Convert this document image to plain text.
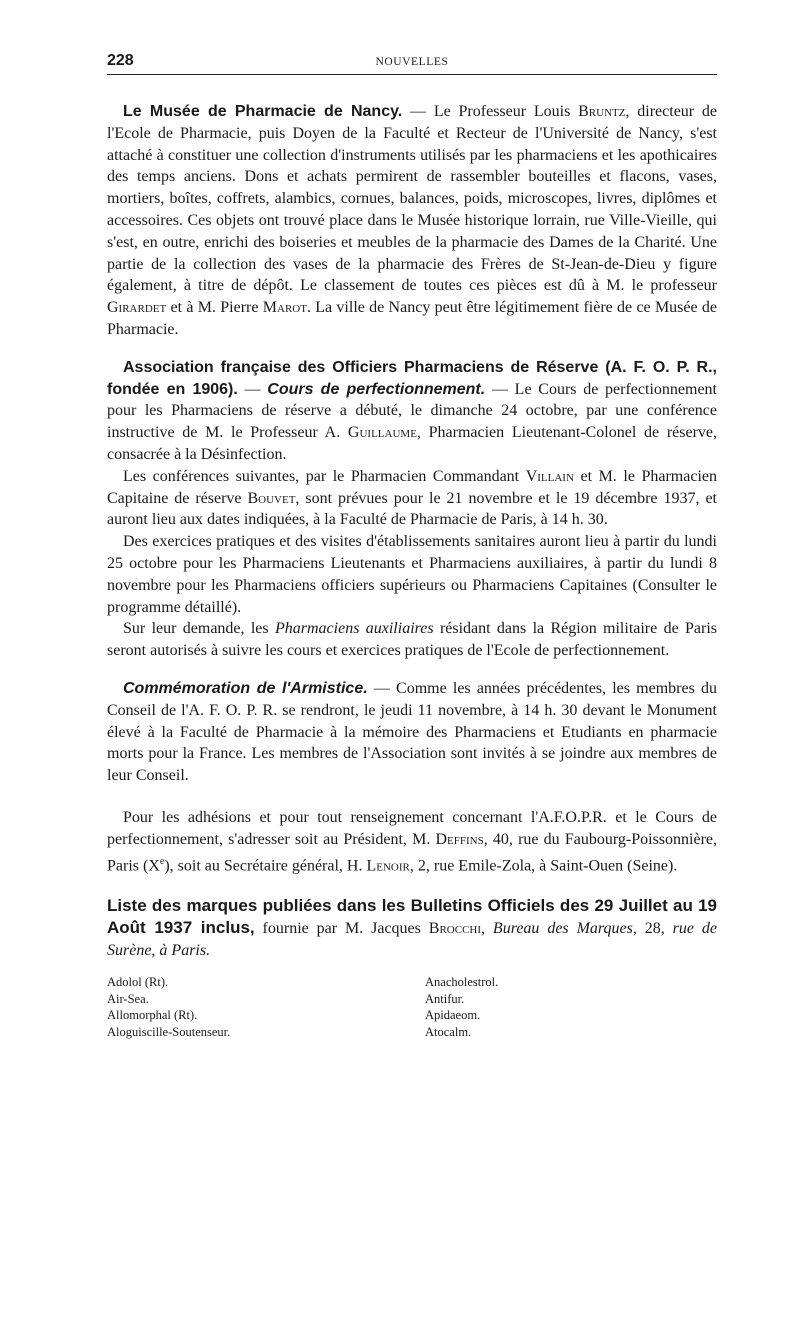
228	NOUVELLES

Le Musée de Pharmacie de Nancy. — Le Professeur Louis Bruntz, directeur de l'Ecole de Pharmacie, puis Doyen de la Faculté et Recteur de l'Université de Nancy, s'est attaché à constituer une collection d'instruments utilisés par les pharmaciens et les apothicaires des temps anciens. Dons et achats permirent de rassembler bouteilles et flacons, vases, mortiers, boîtes, coffrets, alambics, cornues, balances, poids, microscopes, livres, diplômes et accessoires. Ces objets ont trouvé place dans le Musée historique lorrain, rue Ville-Vieille, qui s'est, en outre, enrichi des boiseries et meubles de la pharmacie des Dames de la Charité. Une partie de la collection des vases de la pharmacie des Frères de St-Jean-de-Dieu y figure également, à titre de dépôt. Le classement de toutes ces pièces est dû à M. le professeur Girardet et à M. Pierre Marot. La ville de Nancy peut être légitimement fière de ce Musée de Pharmacie.

Association française des Officiers Pharmaciens de Réserve (A. F. O. P. R., fondée en 1906). — Cours de perfectionnement. — Le Cours de perfectionnement pour les Pharmaciens de réserve a débuté, le dimanche 24 octobre, par une conférence instructive de M. le Professeur A. Guillaume, Pharmacien Lieutenant-Colonel de réserve, consacrée à la Désinfection.

Les conférences suivantes, par le Pharmacien Commandant Villain et M. le Pharmacien Capitaine de réserve Bouvet, sont prévues pour le 21 novembre et le 19 décembre 1937, et auront lieu aux dates indiquées, à la Faculté de Pharmacie de Paris, à 14 h. 30.

Des exercices pratiques et des visites d'établissements sanitaires auront lieu à partir du lundi 25 octobre pour les Pharmaciens Lieutenants et Pharmaciens auxiliaires, à partir du lundi 8 novembre pour les Pharmaciens officiers supérieurs ou Pharmaciens Capitaines (Consulter le programme détaillé).

Sur leur demande, les Pharmaciens auxiliaires résidant dans la Région militaire de Paris seront autorisés à suivre les cours et exercices pratiques de l'Ecole de perfectionnement.

Commémoration de l'Armistice. — Comme les années précédentes, les membres du Conseil de l'A. F. O. P. R. se rendront, le jeudi 11 novembre, à 14 h. 30 devant le Monument élevé à la Faculté de Pharmacie à la mémoire des Pharmaciens et Etudiants en pharmacie morts pour la France. Les membres de l'Association sont invités à se joindre aux membres de leur Conseil.

Pour les adhésions et pour tout renseignement concernant l'A.F.O.P.R. et le Cours de perfectionnement, s'adresser soit au Président, M. Deffins, 40, rue du Faubourg-Poissonnière, Paris (Xe), soit au Secrétaire général, H. Lenoir, 2, rue Emile-Zola, à Saint-Ouen (Seine).

Liste des marques publiées dans les Bulletins Officiels des 29 Juillet au 19 Août 1937 inclus, fournie par M. Jacques Brocchi, Bureau des Marques, 28, rue de Surène, à Paris.

Adolol (Rt).
Air-Sea.
Allomorphal (Rt).
Aloguiscille-Soutenseur.
Anacholestrol.
Antifur.
Apidaeom.
Atocalm.
